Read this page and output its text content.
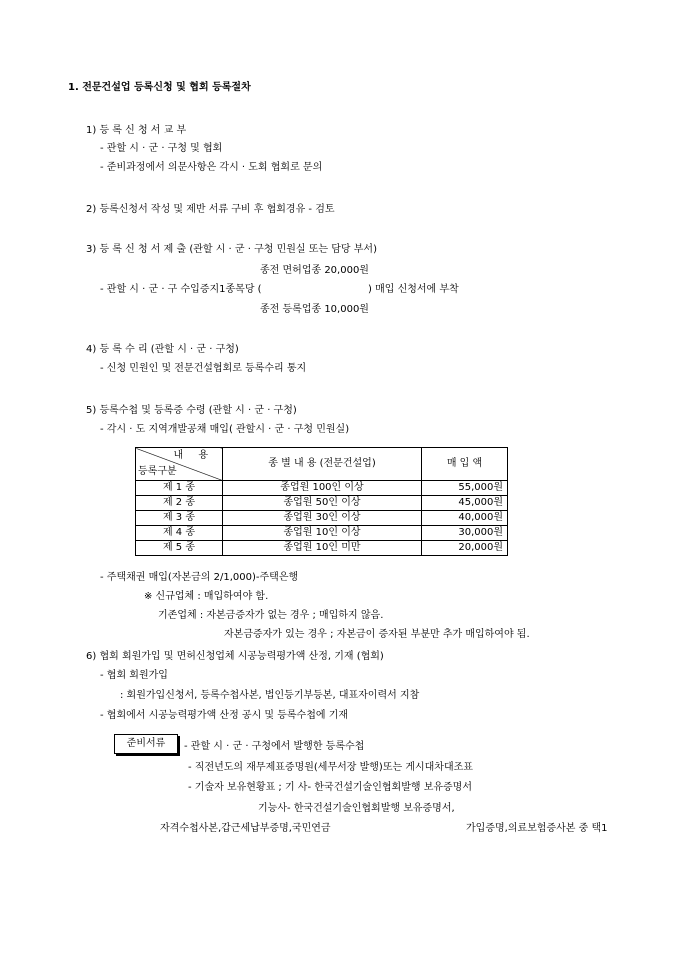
1. 전문건설업 등록신청 및 협회 등록절차
1) 등 록 신 청 서 교 부
- 관할 시 · 군 · 구청 및 협회
- 준비과정에서 의문사항은 각시 · 도회 협회로 문의
2) 등록신청서 작성 및 제반 서류 구비 후 협회경유 - 검토
3) 등 록 신 청 서 제 출 (관할 시 · 군 · 구청 민원실 또는 담당 부서)
종전 면허업종 20,000원
- 관할 시 · 군 · 구 수입증지1종목당 (	) 매입 신청서에 부착
종전 등록업종 10,000원
4) 등 록 수 리 (관할 시 · 군 · 구청)
- 신청 민원인 및 전문건설협회로 등록수리 통지
5) 등록수첩 및 등록증 수령 (관할 시 · 군 · 구청)
- 각시 · 도 지역개발공채 매입( 관할시 · 군 · 구청 민원실)
내 용
등록구분	종 별 내 용 (전문건설업)	매 입 액
제 1 종	종업원 100인 이상	55,000원
제 2 종	종업원 50인 이상	45,000원
제 3 종	종업원 30인 이상	40,000원
제 4 종	종업원 10인 이상	30,000원
제 5 종	종업원 10인 미만	20,000원
- 주택채권 매입(자본금의 2/1,000)-주택은행
※ 신규업체 : 매입하여야 함.
기존업체 : 자본금증자가 없는 경우 ; 매입하지 않음.
자본금증자가 있는 경우 ; 자본금이 증자된 부분만 추가 매입하여야 됨.
6) 협회 회원가입 및 면허신청업체 시공능력평가액 산정, 기재 (협회)
- 협회 회원가입
: 회원가입신청서, 등록수첩사본, 법인등기부등본, 대표자이력서 지참
- 협회에서 시공능력평가액 산정 공시 및 등록수첩에 기재
준비서류	- 관할 시 · 군 · 구청에서 발행한 등록수첩
- 직전년도의 재무제표증명원(세무서장 발행)또는 게시대차대조표
- 기술자 보유현황표 ; 기 사- 한국건설기술인협회발행 보유증명서
기능사- 한국건설기술인협회발행 보유증명서,
자격수첩사본,갑근세납부증명,국민연금	가입증명,의료보험증사본 중 택1
